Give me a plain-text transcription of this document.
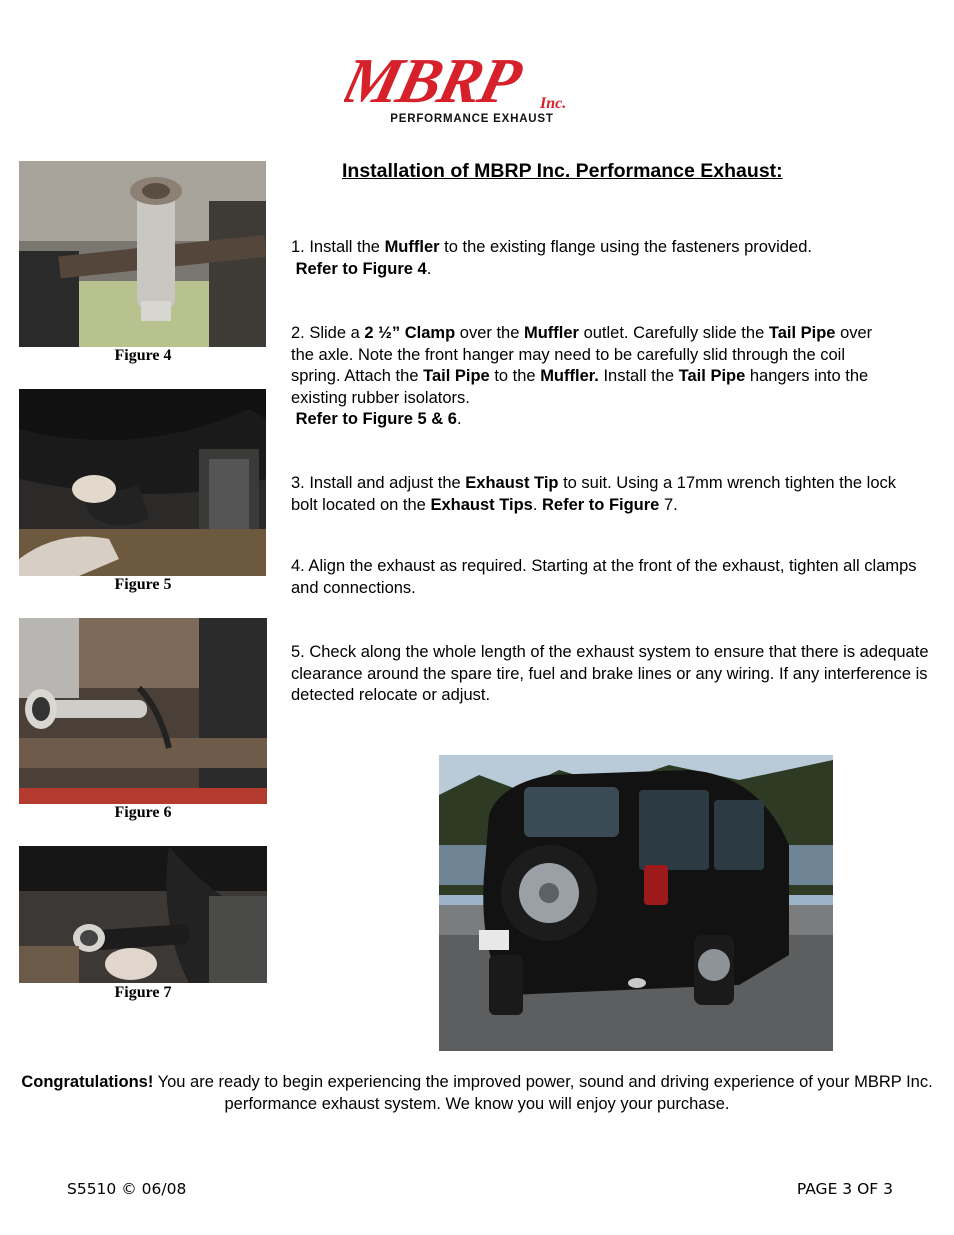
MBRP Inc.
PERFORMANCE EXHAUST
Figure 4
Figure 5
Figure 6
Figure 7
Installation of MBRP Inc. Performance Exhaust:
1. Install the Muffler to the existing flange using the fasteners provided.
Refer to Figure 4.
2. Slide a 2 ½” Clamp over the Muffler outlet. Carefully slide the Tail Pipe over the axle. Note the front hanger may need to be carefully slid through the coil spring. Attach the Tail Pipe to the Muffler. Install the Tail Pipe hangers into the existing rubber isolators.
Refer to Figure 5 & 6.
3. Install and adjust the Exhaust Tip to suit. Using a 17mm wrench tighten the lock bolt located on the Exhaust Tips. Refer to Figure 7.
4. Align the exhaust as required. Starting at the front of the exhaust, tighten all clamps and connections.
5. Check along the whole length of the exhaust system to ensure that there is adequate clearance around the spare tire, fuel and brake lines or any wiring. If any interference is detected relocate or adjust.
Congratulations! You are ready to begin experiencing the improved power, sound and driving experience of your MBRP Inc. performance exhaust system. We know you will enjoy your purchase.
S5510 © 06/08	PAGE 3 OF 3
